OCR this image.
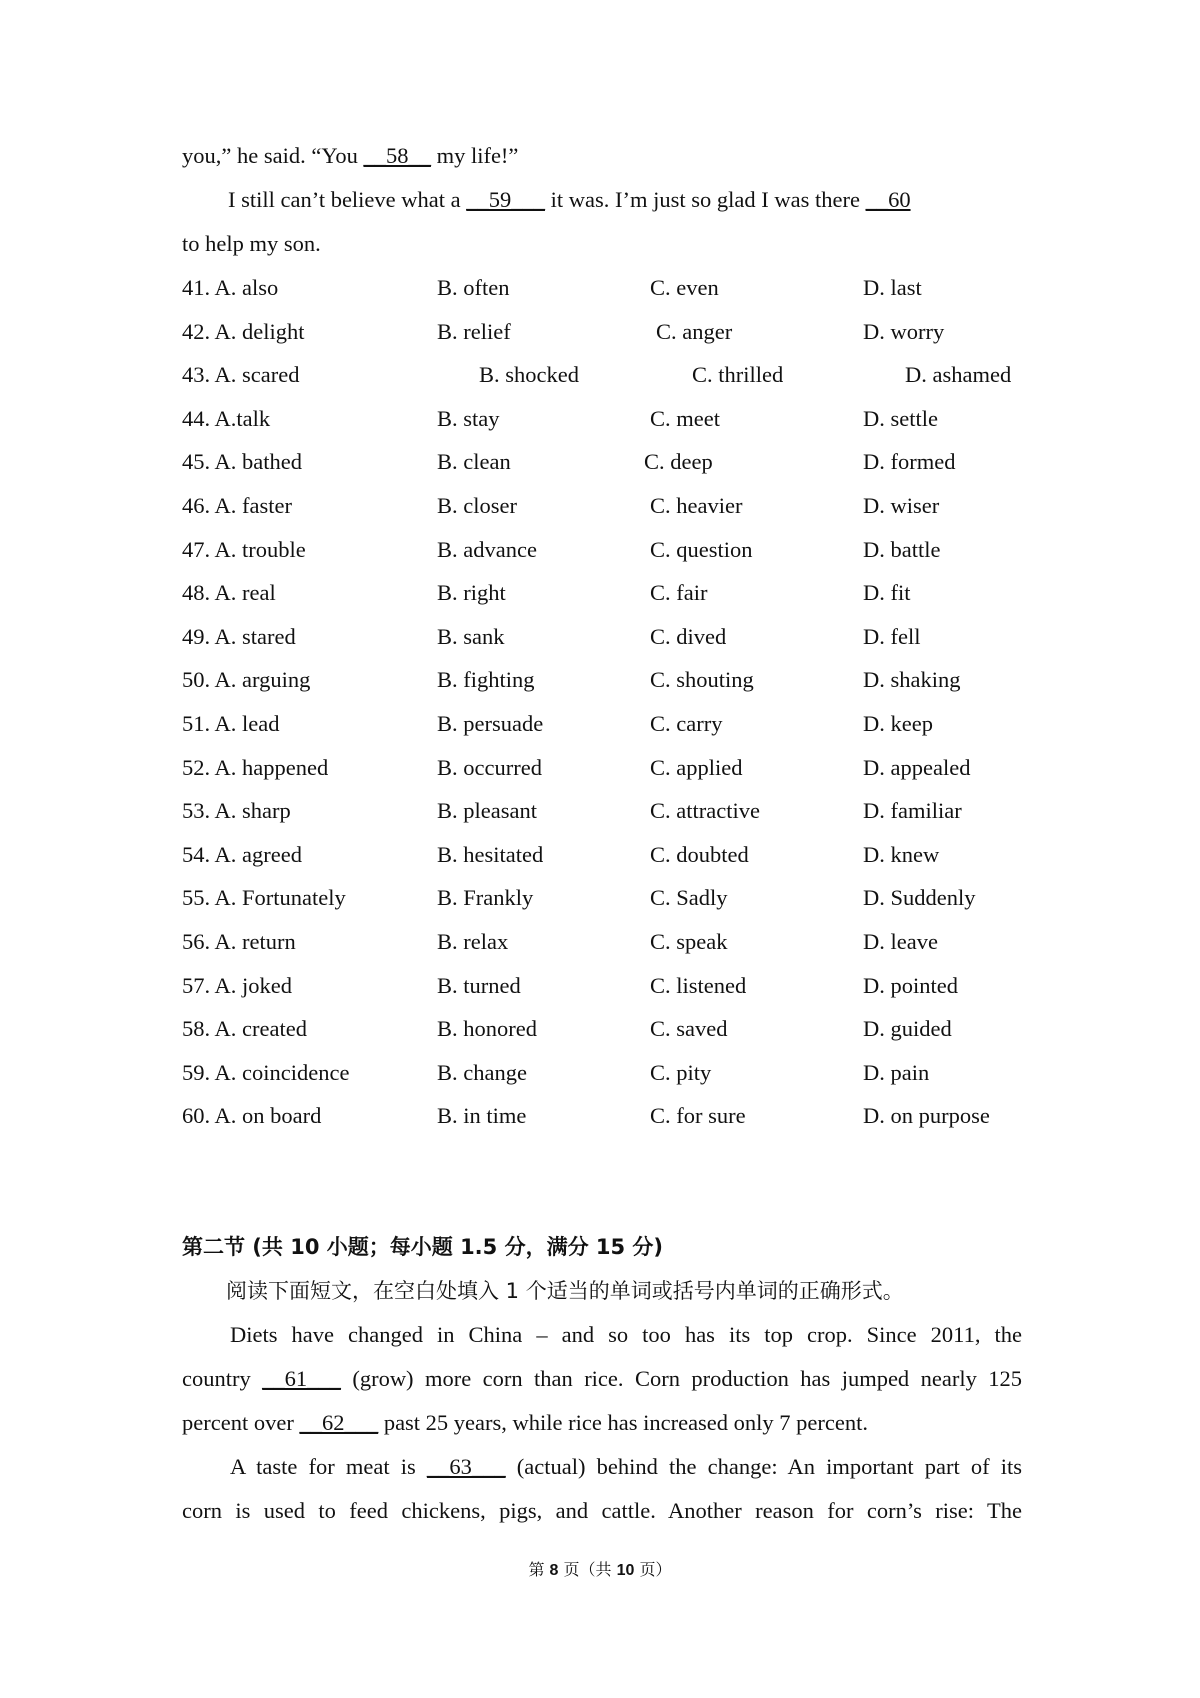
you,” he said. “You __58__ my life!”
I still can’t believe what a __59___ it was. I’m just so glad I was there __60
to help my son.
41. A. also	B. often	C. even	D. last
42. A. delight	B. relief	C. anger	D. worry
43. A. scared	B. shocked	C. thrilled	D. ashamed
44. A.talk	B. stay	C. meet	D. settle
45. A. bathed	B. clean	C. deep	D. formed
46. A. faster	B. closer	C. heavier	D. wiser
47. A. trouble	B. advance	C. question	D. battle
48. A. real	B. right	C. fair	D. fit
49. A. stared	B. sank	C. dived	D. fell
50. A. arguing	B. fighting	C. shouting	D. shaking
51. A. lead	B. persuade	C. carry	D. keep
52. A. happened	B. occurred	C. applied	D. appealed
53. A. sharp	B. pleasant	C. attractive	D. familiar
54. A. agreed	B. hesitated	C. doubted	D. knew
55. A. Fortunately	B. Frankly	C. Sadly	D. Suddenly
56. A. return	B. relax	C. speak	D. leave
57. A. joked	B. turned	C. listened	D. pointed
58. A. created	B. honored	C. saved	D. guided
59. A. coincidence	B. change	C. pity	D. pain
60. A. on board	B. in time	C. for sure	D. on purpose
第二节 (共 10 小题；每小题 1.5 分，满分 15 分)
阅读下面短文，在空白处填入 1 个适当的单词或括号内单词的正确形式。
Diets have changed in China – and so too has its top crop. Since 2011, the
country __61___ (grow) more corn than rice. Corn production has jumped nearly 125
percent over __62___ past 25 years, while rice has increased only 7 percent.
A taste for meat is __63___ (actual) behind the change: An important part of its
corn is used to feed chickens, pigs, and cattle. Another reason for corn’s rise: The
第 8 页（共 10 页）
